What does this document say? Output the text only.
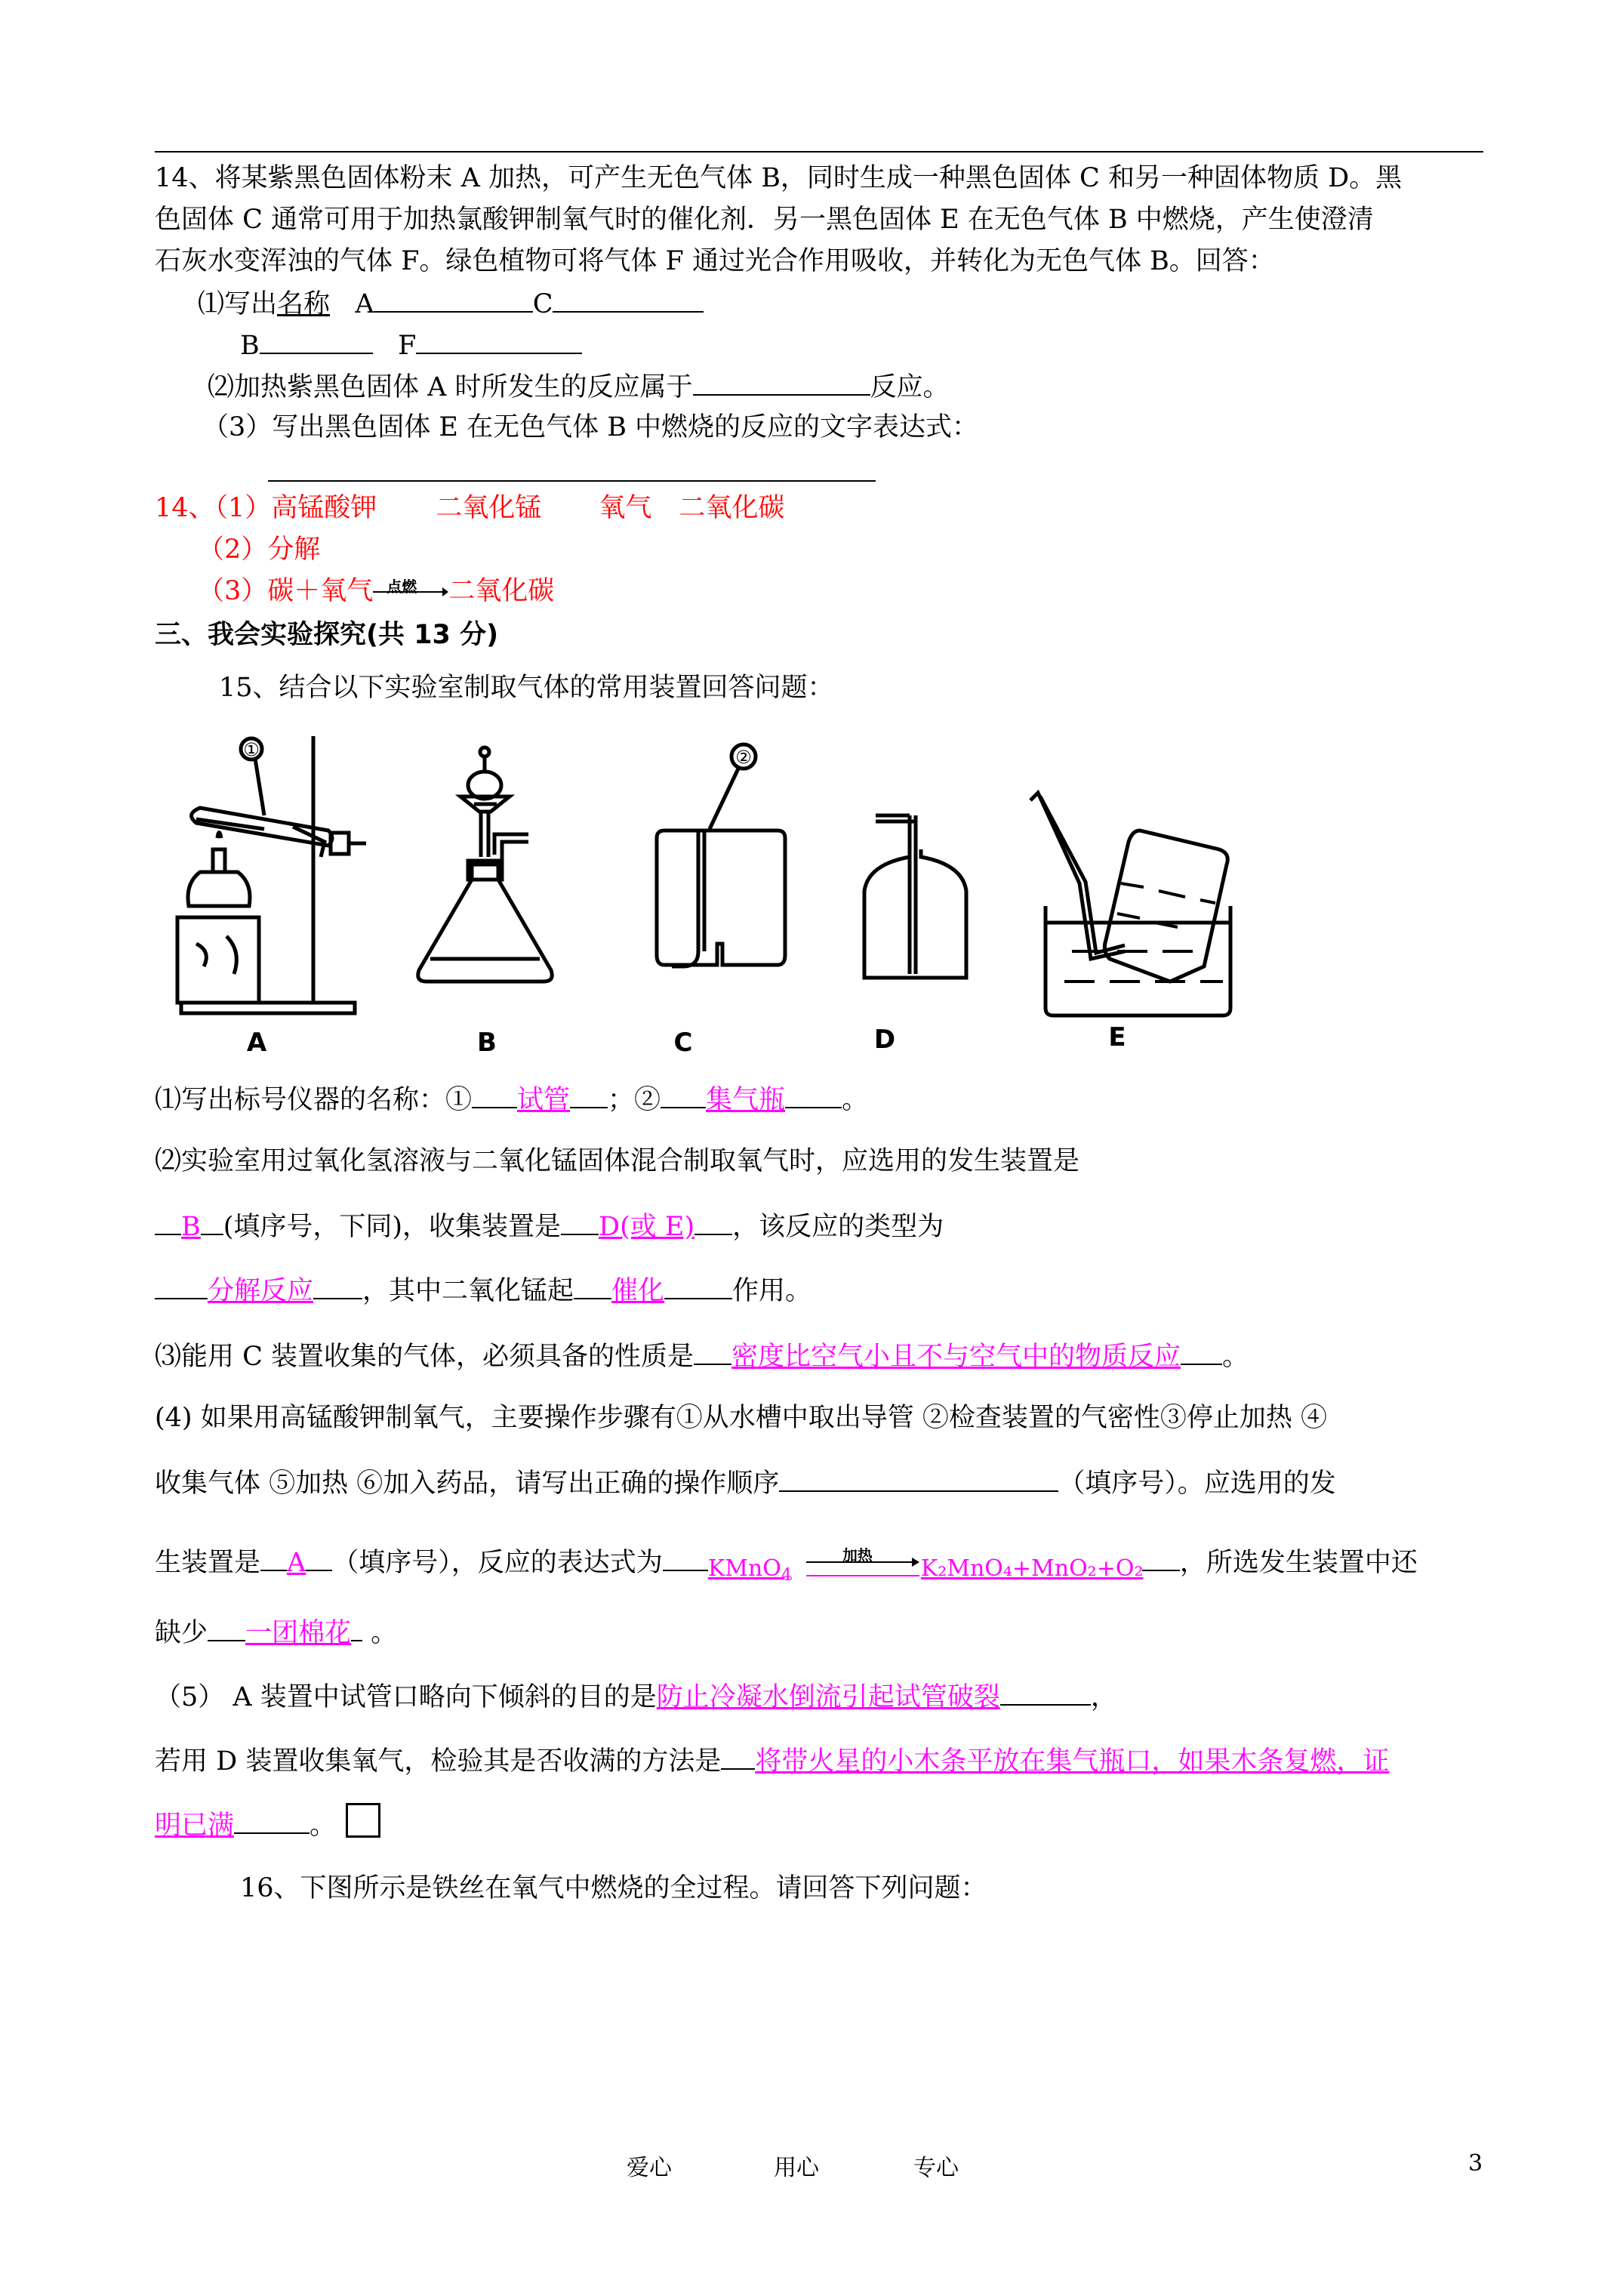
14、将某紫黑色固体粉末 A 加热，可产生无色气体 B，同时生成一种黑色固体 C 和另一种固体物质 D。黑
色固体 C 通常可用于加热氯酸钾制氧气时的催化剂．另一黑色固体 E 在无色气体 B 中燃烧，产生使澄清
石灰水变浑浊的气体 F。绿色植物可将气体 F 通过光合作用吸收，并转化为无色气体 B。回答：
⑴写出名称 A	C
B	F
⑵加热紫黑色固体 A 时所发生的反应属于	反应。
（3）写出黑色固体 E 在无色气体 B 中燃烧的反应的文字表达式：
14、（1）高锰酸钾 二氧化锰 氧气 二氧化碳
（2）分解
（3）碳＋氧气 点燃 二氧化碳
三、我会实验探究(共 13 分)
15、结合以下实验室制取气体的常用装置回答问题：
A	B	C	D	E
①	②
⑴写出标号仪器的名称：① 试管 ；② 集气瓶 。
⑵实验室用过氧化氢溶液与二氧化锰固体混合制取氧气时，应选用的发生装置是
B (填序号，下同)，收集装置是 D(或 E) ，该反应的类型为
分解反应 ，其中二氧化锰起 催化	作用。
⑶能用 C 装置收集的气体，必须具备的性质是 密度比空气小且不与空气中的物质反应 。
(4) 如果用高锰酸钾制氧气，主要操作步骤有①从水槽中取出导管 ②检查装置的气密性③停止加热 ④
收集气体 ⑤加热 ⑥加入药品，请写出正确的操作顺序	（填序号）。应选用的发
生装置是 A （填序号），反应的表达式为 KMnO$_4$
加热 K₂MnO₄+MnO₂+O₂ ，所选发生装置中还
缺少 一团棉花 。
（5） A 装置中试管口略向下倾斜的目的是防止冷凝水倒流引起试管破裂	，
若用 D 装置收集氧气，检验其是否收满的方法是 将带火星的小木条平放在集气瓶口，如果木条复燃，证
明已满	。
16、下图所示是铁丝在氧气中燃烧的全过程。请回答下列问题：
爱心	用心	专心	3
